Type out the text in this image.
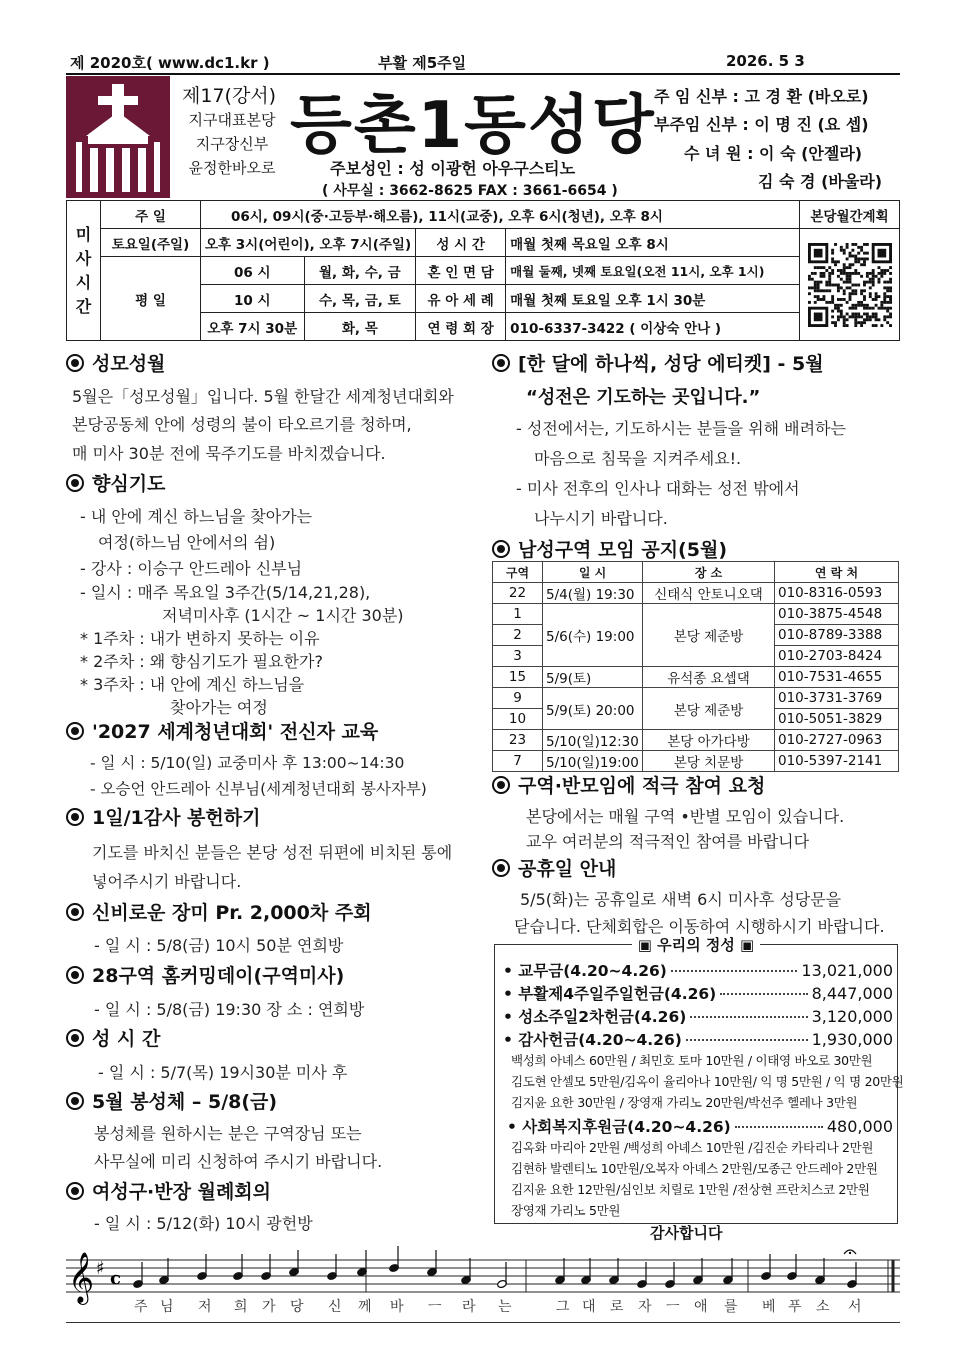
제 2020호( www.dc1.kr )	부활 제5주일	2026. 5 3
제17(강서)
지구대표본당
지구장신부
윤정한바오로
등촌1동성당
주보성인 : 성 이광헌 아우구스티노
( 사무실 : 3662-8625 FAX : 3661-6654 )
주 임 신부 : 고 경 환 (바오로)
부주임 신부 : 이 명 진 (요 셉)
수 녀 원 : 이 숙 (안젤라)
김 숙 경 (바울라)
미
사
시
간	주 일	06시, 09시(중·고등부·해오름), 11시(교중), 오후 6시(청년), 오후 8시				본당월간계획
	토요일(주일)	오후 3시(어린이), 오후 7시(주일)		성 시 간	매월 첫째 목요일 오후 8시	

	평 일	06 시	월, 화, 수, 금	혼 인 면 담	매월 둘째, 넷째 토요일(오전 11시, 오후 1시)	
		10 시	수, 목, 금, 토	유 아 세 례	매월 첫째 토요일 오후 1시 30분	
		오후 7시 30분	화, 목	연 령 회 장	010-6337-3422 ( 이상숙 안나 )	
성모성월
5월은「성모성월」입니다. 5월 한달간 세계청년대회와
본당공동체 안에 성령의 불이 타오르기를 청하며,
매 미사 30분 전에 묵주기도를 바치겠습니다.
향심기도
- 내 안에 계신 하느님을 찾아가는
여정(하느님 안에서의 쉼)
- 강사 : 이승구 안드레아 신부님
- 일시 : 매주 목요일 3주간(5/14,21,28),
저녁미사후 (1시간 ~ 1시간 30분)
* 1주차 : 내가 변하지 못하는 이유
* 2주차 : 왜 향심기도가 필요한가?
* 3주차 : 내 안에 계신 하느님을
찾아가는 여정
'2027 세계청년대회' 전신자 교육
- 일 시 : 5/10(일) 교중미사 후 13:00~14:30
- 오승언 안드레아 신부님(세계청년대회 봉사자부)
1일/1감사 봉헌하기
기도를 바치신 분들은 본당 성전 뒤편에 비치된 통에
넣어주시기 바랍니다.
신비로운 장미 Pr. 2,000차 주회
- 일 시 : 5/8(금) 10시 50분 연희방
28구역 홈커밍데이(구역미사)
- 일 시 : 5/8(금) 19:30 장 소 : 연희방
성 시 간
- 일 시 : 5/7(목) 19시30분 미사 후
5월 봉성체 – 5/8(금)
봉성체를 원하시는 분은 구역장님 또는
사무실에 미리 신청하여 주시기 바랍니다.
여성구·반장 월례회의
- 일 시 : 5/12(화) 10시 광헌방
[한 달에 하나씩, 성당 에티켓] - 5월
“성전은 기도하는 곳입니다.”
- 성전에서는, 기도하시는 분들을 위해 배려하는
마음으로 침묵을 지켜주세요!.
- 미사 전후의 인사나 대화는 성전 밖에서
나누시기 바랍니다.
남성구역 모임 공지(5월)
구역	일 시	장 소	연 락 처
22	5/4(월) 19:30	신태식 안토니오댁	010-8316-0593
1	5/6(수) 19:00	본당 제준방	010-3875-4548
2			010-8789-3388
3			010-2703-8424
15	5/9(토)	유석종 요셉댁	010-7531-4655
9	5/9(토) 20:00	본당 제준방	010-3731-3769
10			010-5051-3829
23	5/10(일)12:30	본당 아가다방	010-2727-0963
7	5/10(일)19:00	본당 치문방	010-5397-2141
구역·반모임에 적극 참여 요청
본당에서는 매월 구역 •반별 모임이 있습니다.
교우 여러분의 적극적인 참여를 바랍니다
공휴일 안내
5/5(화)는 공휴일로 새벽 6시 미사후 성당문을
닫습니다. 단체회합은 이동하여 시행하시기 바랍니다.
▣ 우리의 정성 ▣
• 교무금(4.20~4.26)	13,021,000
• 부활제4주일주일헌금(4.26)	8,447,000
• 성소주일2차헌금(4.26)	3,120,000
• 감사헌금(4.20~4.26)	1,930,000
백성희 아녜스 60만원 / 최민호 토마 10만원 / 이태영 바오로 30만원
김도현 안셀모 5만원/김옥이 율리아나 10만원/ 익 명 5만원 / 익 명 20만원
김지윤 요한 30만원 / 장영재 가리노 20만원/박선주 헬레나 3만원
• 사회복지후원금(4.20~4.26)	480,000
김옥화 마리아 2만원 /백성희 아녜스 10만원 /김진순 카타리나 2만원
김현하 발렌티노 10만원/오복자 아녜스 2만원/모종근 안드레아 2만원
김지윤 요한 12만원/심인보 치릴로 1만원 /전상현 프란치스코 2만원
장영재 가리노 5만원
감사합니다
𝄞 ♯ c
주 님 저 희 가 당 신 께 바 ㅡ 라 는	그 대 로 자 ㅡ 애 를 베 푸 소 서
